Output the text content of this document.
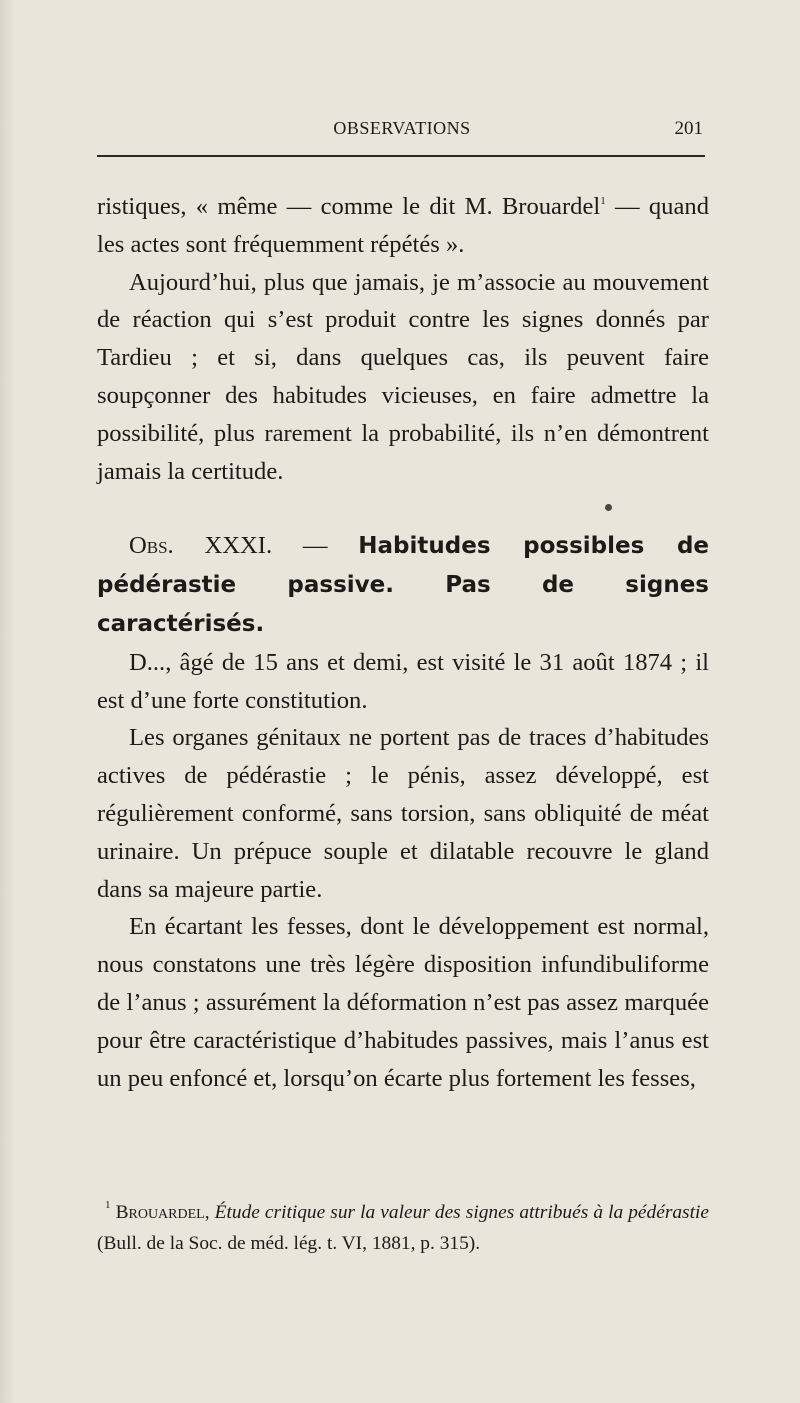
OBSERVATIONS	201

ristiques, « même — comme le dit M. Brouardel$^1$ — quand les actes sont fréquemment répétés ».

Aujourd’hui, plus que jamais, je m’associe au mouvement de réaction qui s’est produit contre les signes donnés par Tardieu ; et si, dans quelques cas, ils peuvent faire soupçonner des habitudes vicieuses, en faire admettre la possibilité, plus rarement la probabilité, ils n’en démontrent jamais la certitude.

Obs. XXXI. — Habitudes possibles de pédérastie passive. Pas de signes caractérisés.

D..., âgé de 15 ans et demi, est visité le 31 août 1874 ; il est d’une forte constitution.

Les organes génitaux ne portent pas de traces d’habitudes actives de pédérastie ; le pénis, assez développé, est régulièrement conformé, sans torsion, sans obliquité de méat urinaire. Un prépuce souple et dilatable recouvre le gland dans sa majeure partie.

En écartant les fesses, dont le développement est normal, nous constatons une très légère disposition infundibuliforme de l’anus ; assurément la déformation n’est pas assez marquée pour être caractéristique d’habitudes passives, mais l’anus est un peu enfoncé et, lorsqu’on écarte plus fortement les fesses,

$^1$ Brouardel, Étude critique sur la valeur des signes attribués à la pédérastie (Bull. de la Soc. de méd. lég. t. VI, 1881, p. 315).
